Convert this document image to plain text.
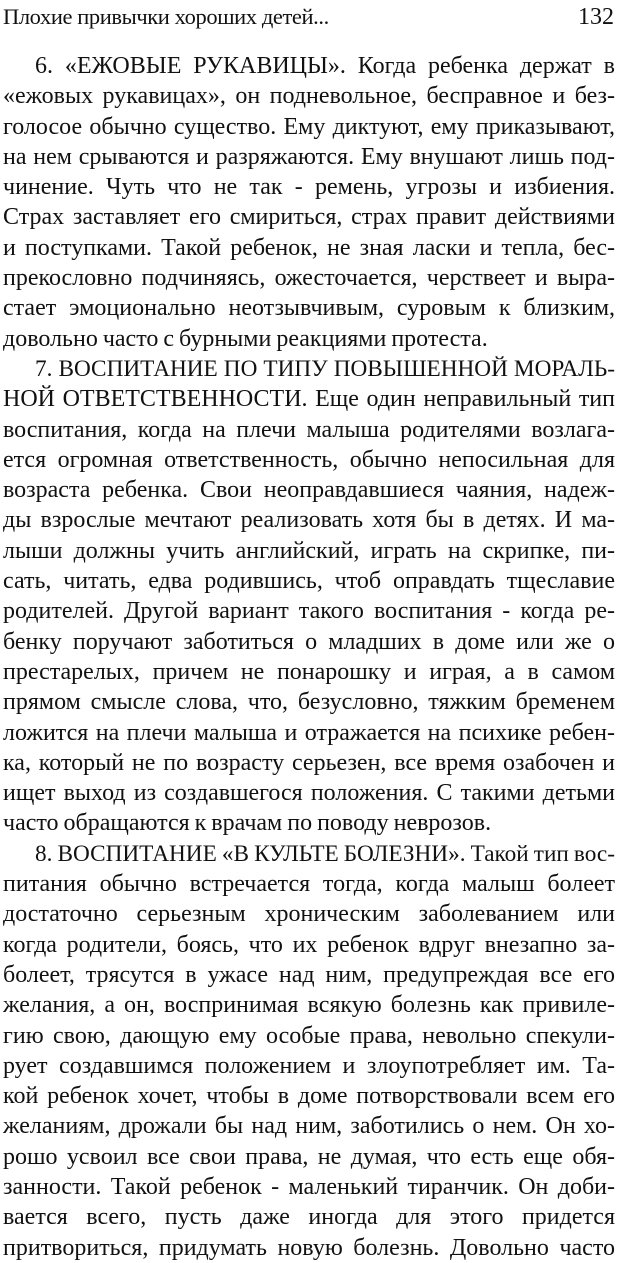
Плохие привычки хороших детей...	132
6. «ЕЖОВЫЕ РУКАВИЦЫ». Когда ребенка держат в
«ежовых рукавицах», он подневольное, бесправное и без-
голосое обычно существо. Ему диктуют, ему приказывают,
на нем срываются и разряжаются. Ему внушают лишь под-
чинение. Чуть что не так - ремень, угрозы и избиения.
Страх заставляет его смириться, страх правит действиями
и поступками. Такой ребенок, не зная ласки и тепла, бес-
прекословно подчиняясь, ожесточается, черствеет и выра-
стает эмоционально неотзывчивым, суровым к близким,
довольно часто с бурными реакциями протеста.
7. ВОСПИТАНИЕ ПО ТИПУ ПОВЫШЕННОЙ МОРАЛЬ-
НОЙ ОТВЕТСТВЕННОСТИ. Еще один неправильный тип
воспитания, когда на плечи малыша родителями возлага-
ется огромная ответственность, обычно непосильная для
возраста ребенка. Свои неоправдавшиеся чаяния, надеж-
ды взрослые мечтают реализовать хотя бы в детях. И ма-
лыши должны учить английский, играть на скрипке, пи-
сать, читать, едва родившись, чтоб оправдать тщеславие
родителей. Другой вариант такого воспитания - когда ре-
бенку поручают заботиться о младших в доме или же о
престарелых, причем не понарошку и играя, а в самом
прямом смысле слова, что, безусловно, тяжким бременем
ложится на плечи малыша и отражается на психике ребен-
ка, который не по возрасту серьезен, все время озабочен и
ищет выход из создавшегося положения. С такими детьми
часто обращаются к врачам по поводу неврозов.
8. ВОСПИТАНИЕ «В КУЛЬТЕ БОЛЕЗНИ». Такой тип вос-
питания обычно встречается тогда, когда малыш болеет
достаточно серьезным хроническим заболеванием или
когда родители, боясь, что их ребенок вдруг внезапно за-
болеет, трясутся в ужасе над ним, предупреждая все его
желания, а он, воспринимая всякую болезнь как привиле-
гию свою, дающую ему особые права, невольно спекули-
рует создавшимся положением и злоупотребляет им. Та-
кой ребенок хочет, чтобы в доме потворствовали всем его
желаниям, дрожали бы над ним, заботились о нем. Он хо-
рошо усвоил все свои права, не думая, что есть еще обя-
занности. Такой ребенок - маленький тиранчик. Он доби-
вается всего, пусть даже иногда для этого придется
притвориться, придумать новую болезнь. Довольно часто
